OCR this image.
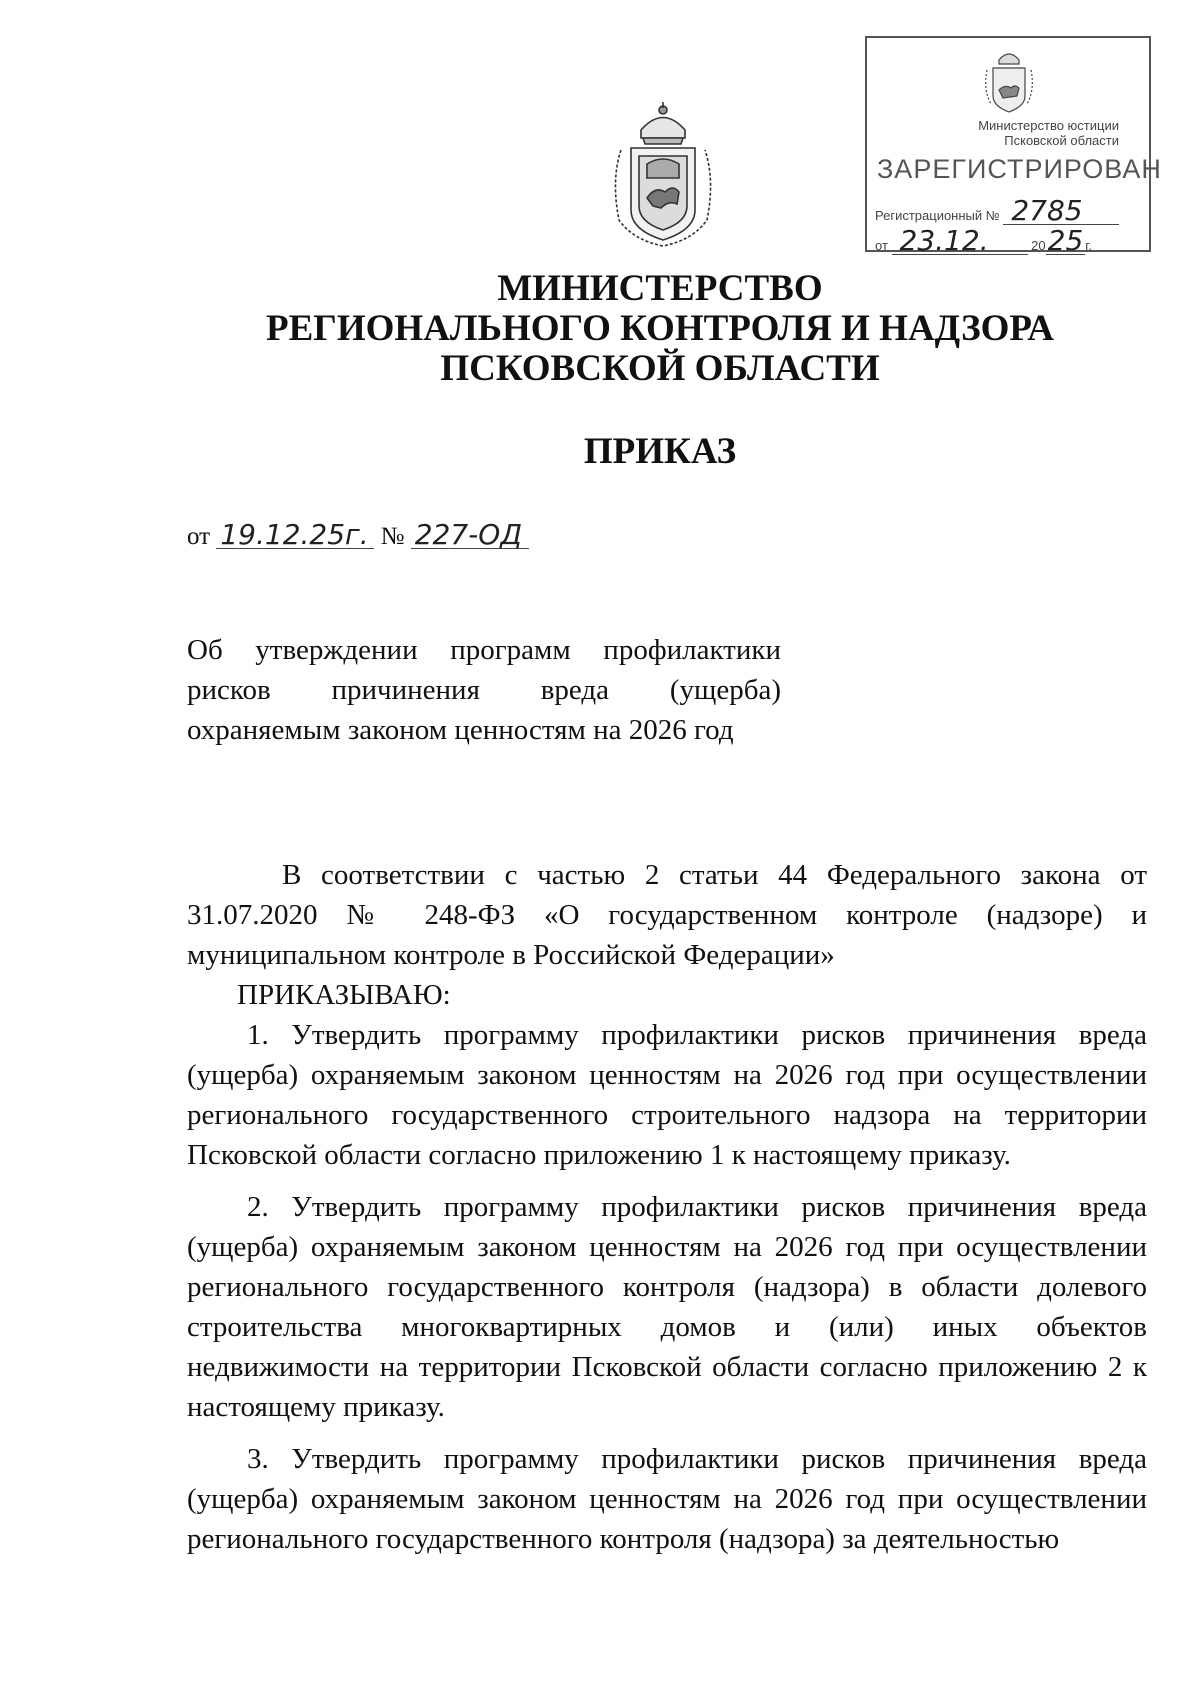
Министерство юстиции
Псковской области
ЗАРЕГИСТРИРОВАН
Регистрационный № 2785
от 23.12.	2025 г.
МИНИСТЕРСТВО
РЕГИОНАЛЬНОГО КОНТРОЛЯ И НАДЗОРА
ПСКОВСКОЙ ОБЛАСТИ
ПРИКАЗ
от 19.12.25г. № 227-ОД
Об утверждении программ профилактики рисков причинения вреда (ущерба) охраняемым законом ценностям на 2026 год

В соответствии с частью 2 статьи 44 Федерального закона от 31.07.2020 № 248-ФЗ «О государственном контроле (надзоре) и муниципальном контроле в Российской Федерации»

ПРИКАЗЫВАЮ:

1. Утвердить программу профилактики рисков причинения вреда (ущерба) охраняемым законом ценностям на 2026 год при осуществлении регионального государственного строительного надзора на территории Псковской области согласно приложению 1 к настоящему приказу.

2. Утвердить программу профилактики рисков причинения вреда (ущерба) охраняемым законом ценностям на 2026 год при осуществлении регионального государственного контроля (надзора) в области долевого строительства многоквартирных домов и (или) иных объектов недвижимости на территории Псковской области согласно приложению 2 к настоящему приказу.

3. Утвердить программу профилактики рисков причинения вреда (ущерба) охраняемым законом ценностям на 2026 год при осуществлении регионального государственного контроля (надзора) за деятельностью
